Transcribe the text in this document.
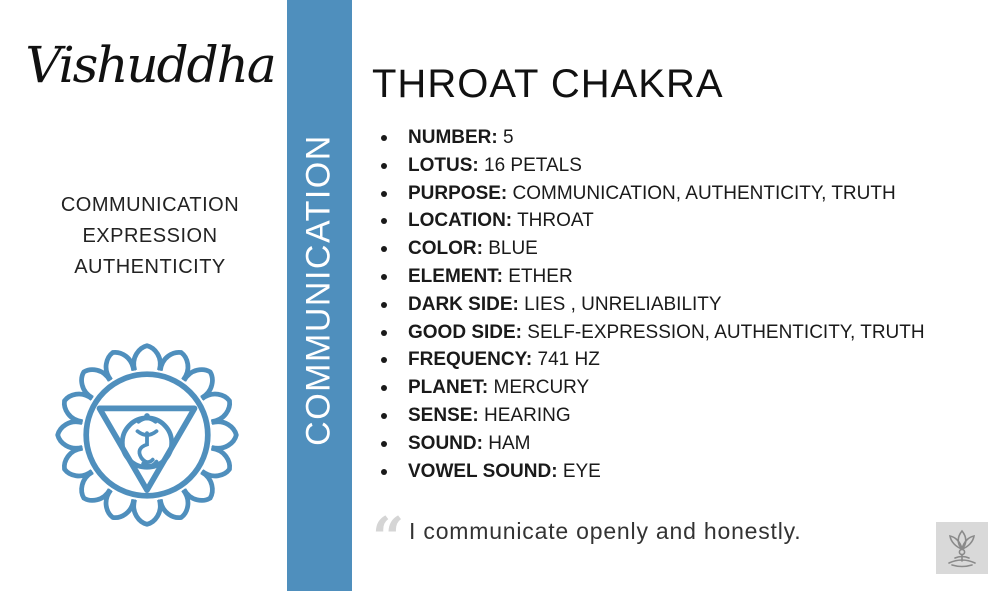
Vishuddha
COMMUNICATION
EXPRESSION
AUTHENTICITY	COMMUNICATION
THROAT CHAKRA
NUMBER: 5
LOTUS: 16 PETALS
PURPOSE: COMMUNICATION, AUTHENTICITY, TRUTH
LOCATION: THROAT
COLOR: BLUE
ELEMENT: ETHER
DARK SIDE: LIES , UNRELIABILITY
GOOD SIDE: SELF-EXPRESSION, AUTHENTICITY, TRUTH
FREQUENCY: 741 HZ
PLANET: MERCURY
SENSE: HEARING
SOUND: HAM
VOWEL SOUND: EYE
“ I communicate openly and honestly.
